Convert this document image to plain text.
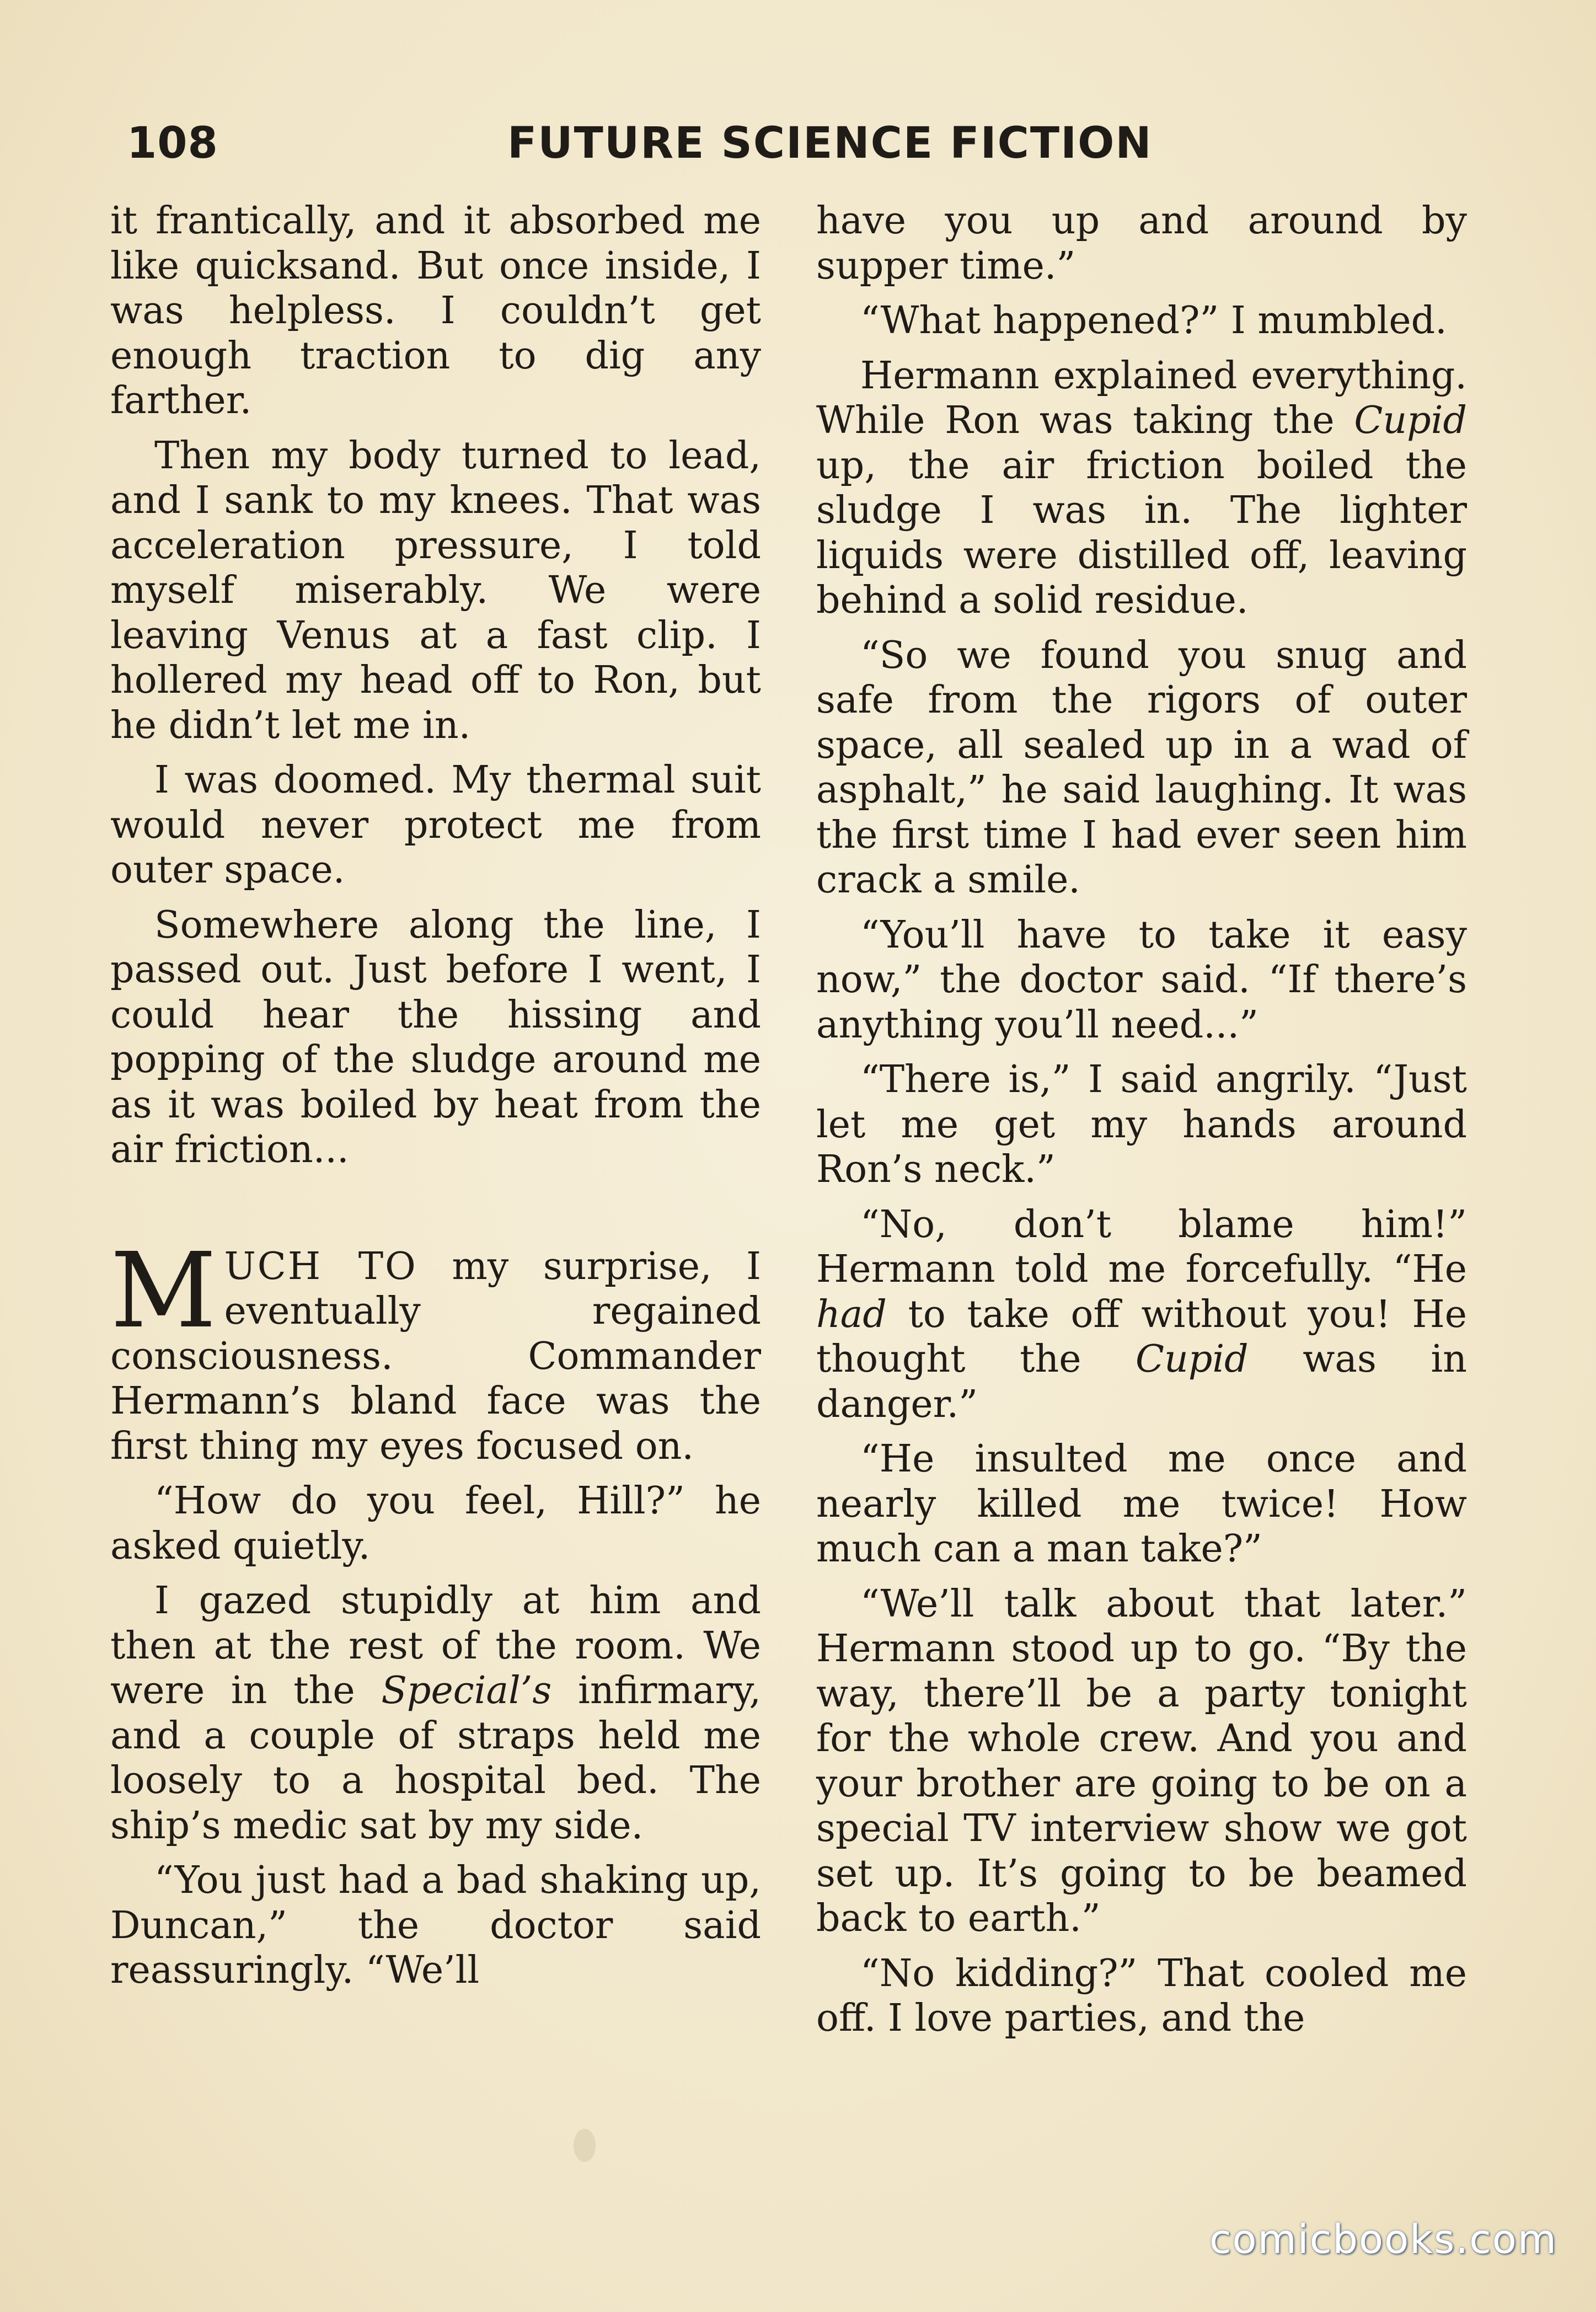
108	FUTURE SCIENCE FICTION

it frantically, and it absorbed me like quicksand. But once inside, I was helpless. I couldn’t get enough traction to dig any farther.

Then my body turned to lead, and I sank to my knees. That was acceleration pressure, I told myself miserably. We were leaving Venus at a fast clip. I hollered my head off to Ron, but he didn’t let me in.

I was doomed. My thermal suit would never protect me from outer space.

Somewhere along the line, I passed out. Just before I went, I could hear the hissing and popping of the sludge around me as it was boiled by heat from the air friction...

MUCH TO my surprise, I eventually regained consciousness. Commander Hermann’s bland face was the first thing my eyes focused on.

“How do you feel, Hill?” he asked quietly.

I gazed stupidly at him and then at the rest of the room. We were in the Special’s infirmary, and a couple of straps held me loosely to a hospital bed. The ship’s medic sat by my side.

“You just had a bad shaking up, Duncan,” the doctor said reassuringly. “We’ll

have you up and around by supper time.”

“What happened?” I mumbled.

Hermann explained everything. While Ron was taking the Cupid up, the air friction boiled the sludge I was in. The lighter liquids were distilled off, leaving behind a solid residue.

“So we found you snug and safe from the rigors of outer space, all sealed up in a wad of asphalt,” he said laughing. It was the first time I had ever seen him crack a smile.

“You’ll have to take it easy now,” the doctor said. “If there’s anything you’ll need...”

“There is,” I said angrily. “Just let me get my hands around Ron’s neck.”

“No, don’t blame him!” Hermann told me forcefully. “He had to take off without you! He thought the Cupid was in danger.”

“He insulted me once and nearly killed me twice! How much can a man take?”

“We’ll talk about that later.” Hermann stood up to go. “By the way, there’ll be a party tonight for the whole crew. And you and your brother are going to be on a special TV interview show we got set up. It’s going to be beamed back to earth.”

“No kidding?” That cooled me off. I love parties, and the

comicbooks.com
